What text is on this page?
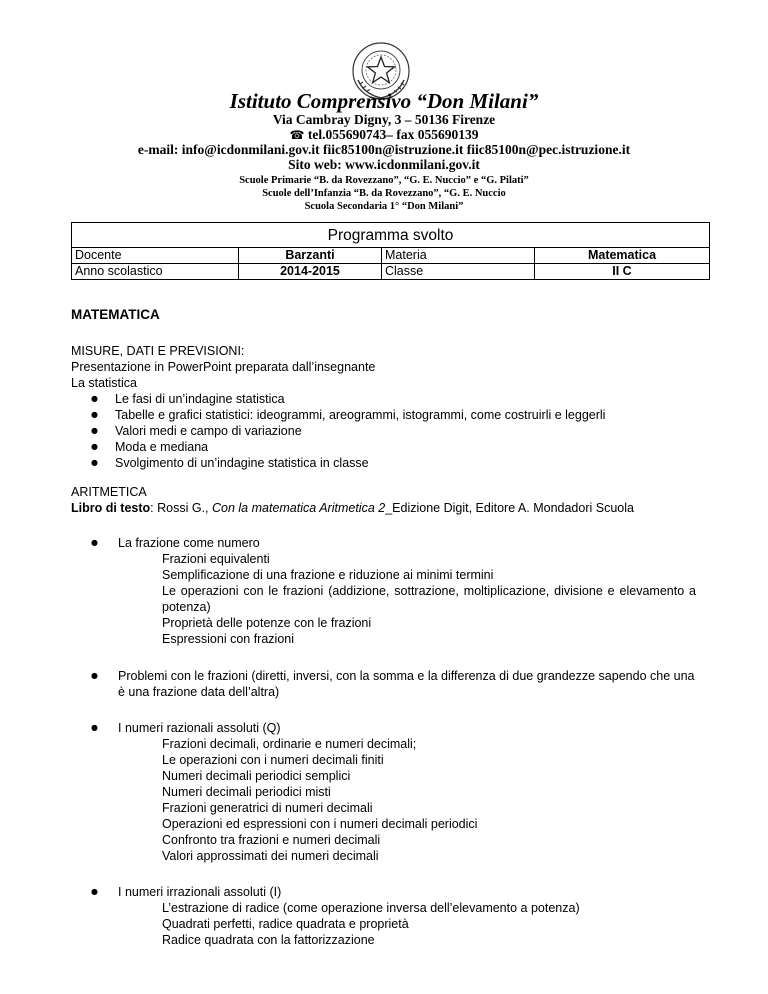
Istituto Comprensivo “Don Milani”
Via Cambray Digny, 3 – 50136 Firenze
☎ tel.055690743– fax 055690139
e-mail: info@icdonmilani.gov.it fiic85100n@istruzione.it fiic85100n@pec.istruzione.it
Sito web: www.icdonmilani.gov.it
Scuole Primarie “B. da Rovezzano”, “G. E. Nuccio” e “G. Pilati”
Scuole dell’Infanzia “B. da Rovezzano”, “G. E. Nuccio
Scuola Secondaria 1° “Don Milani”
Programma svolto			
Docente	Barzanti	Materia	Matematica
Anno scolastico	2014-2015	Classe	II C
MATEMATICA
MISURE, DATI E PREVISIONI:
Presentazione in PowerPoint preparata dall’insegnante
La statistica
● Le fasi di un’indagine statistica
● Tabelle e grafici statistici: ideogrammi, areogrammi, istogrammi, come costruirli e leggerli
● Valori medi e campo di variazione
● Moda e mediana
● Svolgimento di un’indagine statistica in classe
ARITMETICA
Libro di testo: Rossi G., Con la matematica Aritmetica 2_Edizione Digit, Editore A. Mondadori Scuola
● La frazione come numero
Frazioni equivalenti
Semplificazione di una frazione e riduzione ai minimi termini
Le operazioni con le frazioni (addizione, sottrazione, moltiplicazione, divisione e elevamento a potenza)
Proprietà delle potenze con le frazioni
Espressioni con frazioni
● Problemi con le frazioni (diretti, inversi, con la somma e la differenza di due grandezze sapendo che una è una frazione data dell’altra)
● I numeri razionali assoluti (Q)
Frazioni decimali, ordinarie e numeri decimali;
Le operazioni con i numeri decimali finiti
Numeri decimali periodici semplici
Numeri decimali periodici misti
Frazioni generatrici di numeri decimali
Operazioni ed espressioni con i numeri decimali periodici
Confronto tra frazioni e numeri decimali
Valori approssimati dei numeri decimali
● I numeri irrazionali assoluti (I)
L’estrazione di radice (come operazione inversa dell’elevamento a potenza)
Quadrati perfetti, radice quadrata e proprietà
Radice quadrata con la fattorizzazione
